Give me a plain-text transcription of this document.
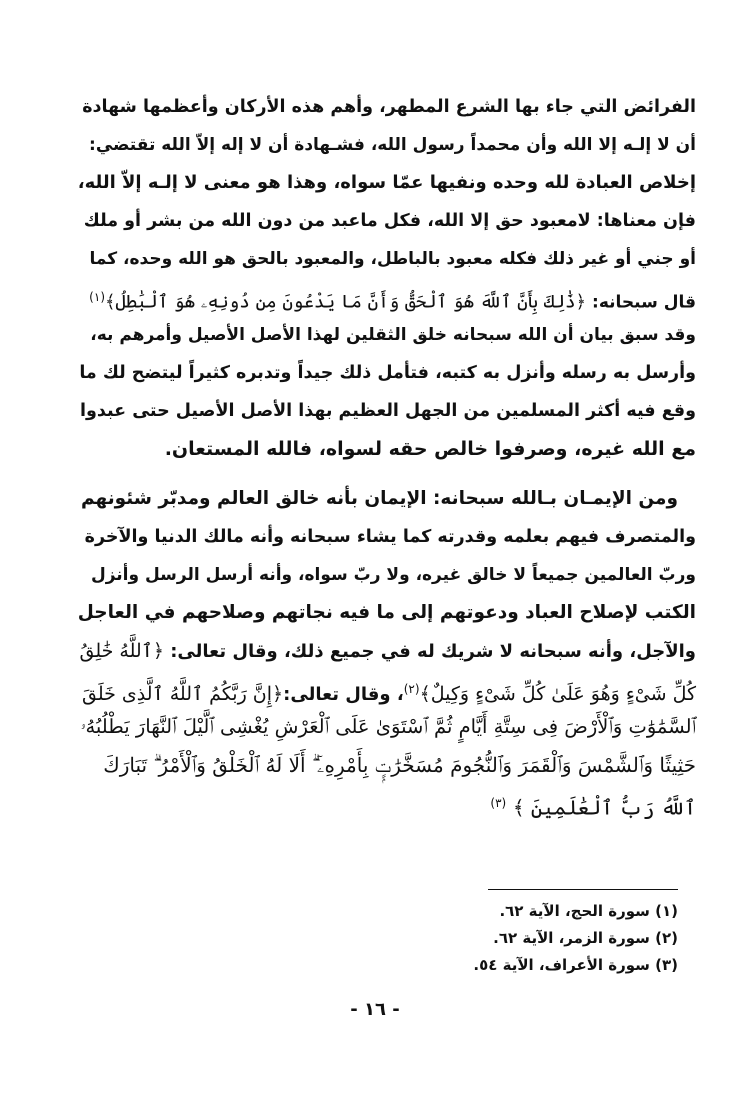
الفرائض التي جاء بها الشرع المطهر، وأهم هذه الأركان وأعظمها شهادة
أن لا إلـه إلا الله وأن محمداً رسول الله، فشـهادة أن لا إله إلاّ الله تقتضي:
إخلاص العبادة لله وحده ونفيها عمّا سواه، وهذا هو معنى لا إلـه إلاّ الله،
فإن معناها: لامعبود حق إلا الله، فكل ماعبد من دون الله من بشر أو ملك
أو جني أو غير ذلك فكله معبود بالباطل، والمعبود بالحق هو الله وحده، كما
قال سبحانه: ﴿ذَٰلِكَ بِأَنَّ ٱللَّهَ هُوَ ٱلْحَقُّ وَأَنَّ مَا يَدْعُونَ مِن دُونِهِۦ هُوَ ٱلْبَٰطِلُ﴾$^{(١)}$
وقد سبق بيان أن الله سبحانه خلق الثقلين لهذا الأصل الأصيل وأمرهم به،
وأرسل به رسله وأنزل به كتبه، فتأمل ذلك جيداً وتدبره كثيراً ليتضح لك ما
وقع فيه أكثر المسلمين من الجهل العظيم بهذا الأصل الأصيل حتى عبدوا
مع الله غيره، وصرفوا خالص حقه لسواه، فالله المستعان.
ومن الإيمـان بـالله سبحانه: الإيمان بأنه خالق العالم ومدبّر شئونهم
والمتصرف فيهم بعلمه وقدرته كما يشاء سبحانه وأنه مالك الدنيا والآخرة
وربّ العالمين جميعاً لا خالق غيره، ولا ربّ سواه، وأنه أرسل الرسل وأنزل
الكتب لإصلاح العباد ودعوتهم إلى ما فيه نجاتهم وصلاحهم في العاجل
والآجل، وأنه سبحانه لا شريك له في جميع ذلك، وقال تعالى: ﴿ٱللَّهُ خَٰلِقُ
كُلِّ شَىْءٍ وَهُوَ عَلَىٰ كُلِّ شَىْءٍ وَكِيلٌ﴾$^{(٢)}$، وقال تعالى:﴿إِنَّ رَبَّكُمُ ٱللَّهُ ٱلَّذِى خَلَقَ
ٱلسَّمَٰوَٰتِ وَٱلْأَرْضَ فِى سِتَّةِ أَيَّامٍ ثُمَّ ٱسْتَوَىٰ عَلَى ٱلْعَرْشِ يُغْشِى ٱلَّيْلَ ٱلنَّهَارَ يَطْلُبُهُۥ
حَثِيثًا وَٱلشَّمْسَ وَٱلْقَمَرَ وَٱلنُّجُومَ مُسَخَّرَٰتٍۭ بِأَمْرِهِۦٓ ۗ أَلَا لَهُ ٱلْخَلْقُ وَٱلْأَمْرُ ۗ تَبَارَكَ
ٱللَّهُ رَبُّ ٱلْعَٰلَمِينَ ﴾ $^{(٣)}$
(١) سورة الحج، الآية ٦٢.
(٢) سورة الزمر، الآية ٦٢.
(٣) سورة الأعراف، الآية ٥٤.
- ١٦ -
